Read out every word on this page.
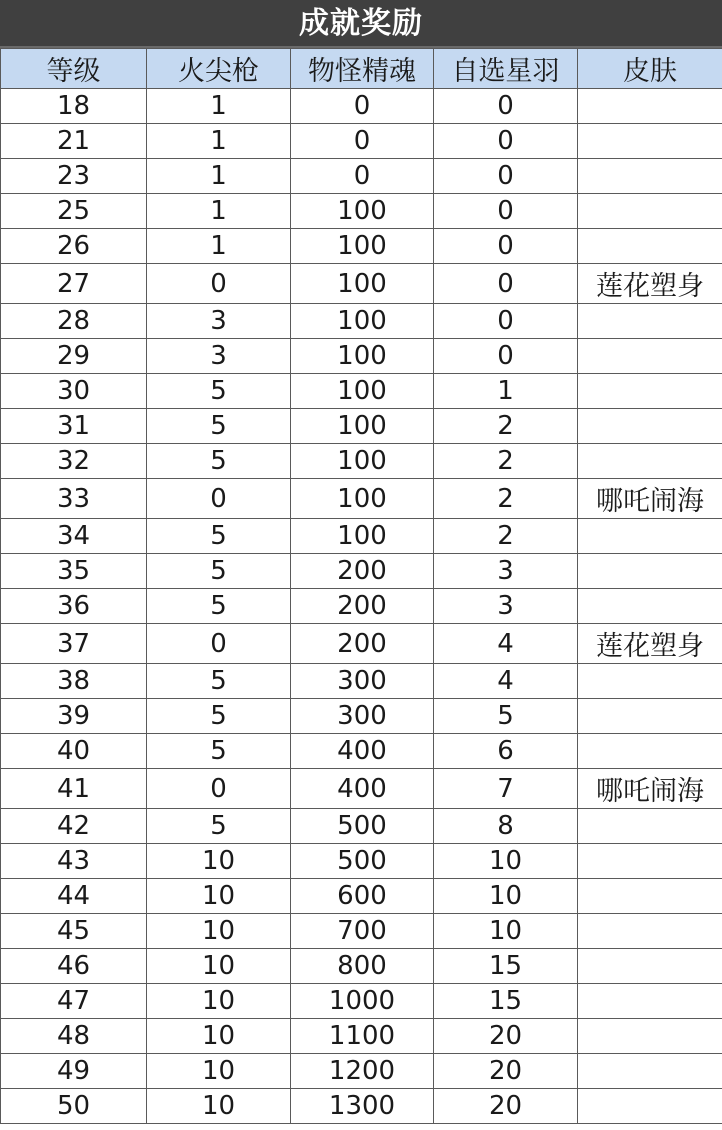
成就奖励
等级	火尖枪	物怪精魂	自选星羽	皮肤
18	1	0	0	
21	1	0	0	
23	1	0	0	
25	1	100	0	
26	1	100	0	
27	0	100	0	莲花塑身
28	3	100	0	
29	3	100	0	
30	5	100	1	
31	5	100	2	
32	5	100	2	
33	0	100	2	哪吒闹海
34	5	100	2	
35	5	200	3	
36	5	200	3	
37	0	200	4	莲花塑身
38	5	300	4	
39	5	300	5	
40	5	400	6	
41	0	400	7	哪吒闹海
42	5	500	8	
43	10	500	10	
44	10	600	10	
45	10	700	10	
46	10	800	15	
47	10	1000	15	
48	10	1100	20	
49	10	1200	20	
50	10	1300	20	
